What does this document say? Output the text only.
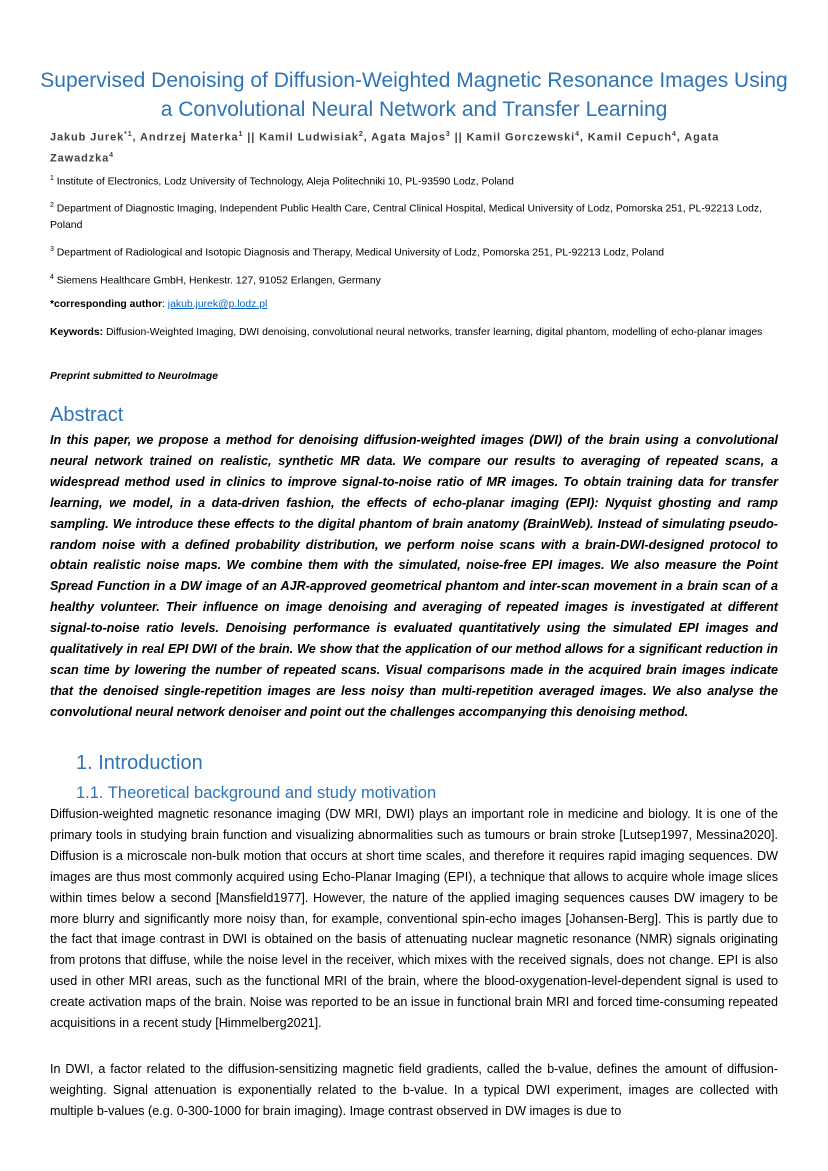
Supervised Denoising of Diffusion-Weighted Magnetic Resonance Images Using a Convolutional Neural Network and Transfer Learning
Jakub Jurek$^{*1}$, Andrzej Materka$^1$ || Kamil Ludwisiak$^2$, Agata Majos$^3$ || Kamil Gorczewski$^4$, Kamil Cepuch$^4$, Agata Zawadzka$^4$
$^1$ Institute of Electronics, Lodz University of Technology, Aleja Politechniki 10, PL-93590 Lodz, Poland
$^2$ Department of Diagnostic Imaging, Independent Public Health Care, Central Clinical Hospital, Medical University of Lodz, Pomorska 251, PL-92213 Lodz, Poland
$^3$ Department of Radiological and Isotopic Diagnosis and Therapy, Medical University of Lodz, Pomorska 251, PL-92213 Lodz, Poland
$^4$ Siemens Healthcare GmbH, Henkestr. 127, 91052 Erlangen, Germany
*corresponding author: jakub.jurek@p.lodz.pl
Keywords: Diffusion-Weighted Imaging, DWI denoising, convolutional neural networks, transfer learning, digital phantom, modelling of echo-planar images
Preprint submitted to NeuroImage
Abstract
In this paper, we propose a method for denoising diffusion-weighted images (DWI) of the brain using a convolutional neural network trained on realistic, synthetic MR data. We compare our results to averaging of repeated scans, a widespread method used in clinics to improve signal-to-noise ratio of MR images. To obtain training data for transfer learning, we model, in a data-driven fashion, the effects of echo-planar imaging (EPI): Nyquist ghosting and ramp sampling. We introduce these effects to the digital phantom of brain anatomy (BrainWeb). Instead of simulating pseudo-random noise with a defined probability distribution, we perform noise scans with a brain-DWI-designed protocol to obtain realistic noise maps. We combine them with the simulated, noise-free EPI images. We also measure the Point Spread Function in a DW image of an AJR-approved geometrical phantom and inter-scan movement in a brain scan of a healthy volunteer. Their influence on image denoising and averaging of repeated images is investigated at different signal-to-noise ratio levels. Denoising performance is evaluated quantitatively using the simulated EPI images and qualitatively in real EPI DWI of the brain. We show that the application of our method allows for a significant reduction in scan time by lowering the number of repeated scans. Visual comparisons made in the acquired brain images indicate that the denoised single-repetition images are less noisy than multi-repetition averaged images. We also analyse the convolutional neural network denoiser and point out the challenges accompanying this denoising method.
1. Introduction
1.1. Theoretical background and study motivation
Diffusion-weighted magnetic resonance imaging (DW MRI, DWI) plays an important role in medicine and biology. It is one of the primary tools in studying brain function and visualizing abnormalities such as tumours or brain stroke [Lutsep1997, Messina2020]. Diffusion is a microscale non-bulk motion that occurs at short time scales, and therefore it requires rapid imaging sequences. DW images are thus most commonly acquired using Echo-Planar Imaging (EPI), a technique that allows to acquire whole image slices within times below a second [Mansfield1977]. However, the nature of the applied imaging sequences causes DW imagery to be more blurry and significantly more noisy than, for example, conventional spin-echo images [Johansen-Berg]. This is partly due to the fact that image contrast in DWI is obtained on the basis of attenuating nuclear magnetic resonance (NMR) signals originating from protons that diffuse, while the noise level in the receiver, which mixes with the received signals, does not change. EPI is also used in other MRI areas, such as the functional MRI of the brain, where the blood-oxygenation-level-dependent signal is used to create activation maps of the brain. Noise was reported to be an issue in functional brain MRI and forced time-consuming repeated acquisitions in a recent study [Himmelberg2021].
In DWI, a factor related to the diffusion-sensitizing magnetic field gradients, called the b-value, defines the amount of diffusion-weighting. Signal attenuation is exponentially related to the b-value. In a typical DWI experiment, images are collected with multiple b-values (e.g. 0-300-1000 for brain imaging). Image contrast observed in DW images is due to
